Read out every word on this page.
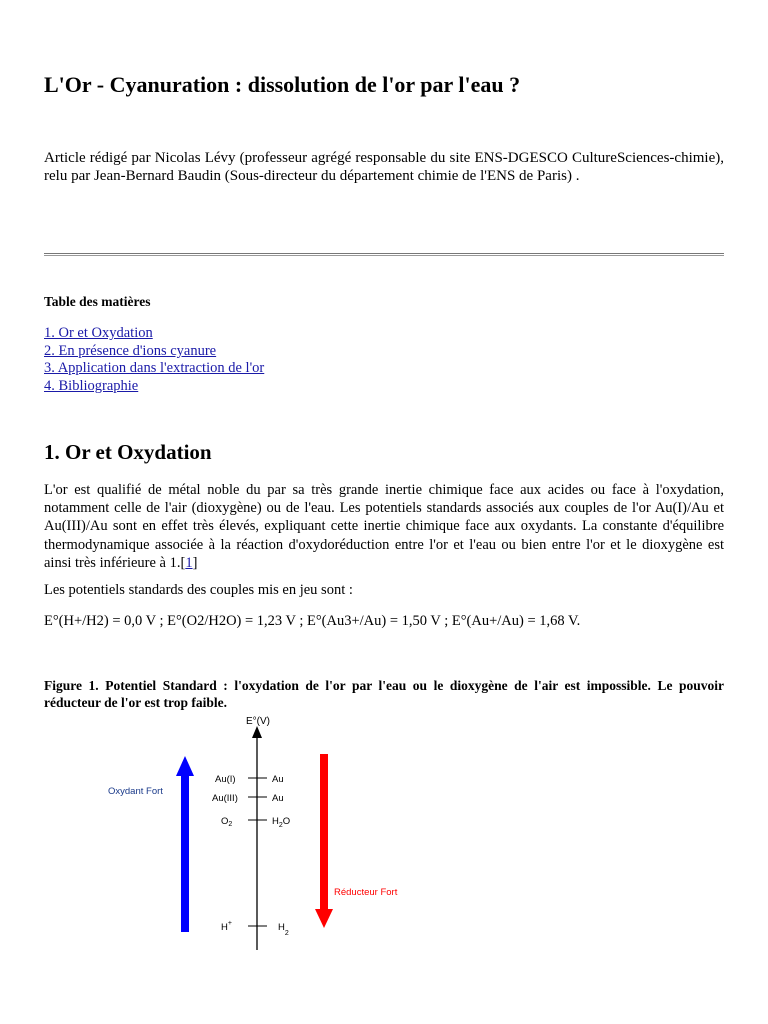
L'Or - Cyanuration : dissolution de l'or par l'eau ?

Article rédigé par Nicolas Lévy (professeur agrégé responsable du site ENS-DGESCO CultureSciences-chimie), relu par Jean-Bernard Baudin (Sous-directeur du département chimie de l'ENS de Paris) .

Table des matières

1. Or et Oxydation
2. En présence d'ions cyanure
3. Application dans l'extraction de l'or
4. Bibliographie
1. Or et Oxydation

L'or est qualifié de métal noble du par sa très grande inertie chimique face aux acides ou face à l'oxydation, notamment celle de l'air (dioxygène) ou de l'eau. Les potentiels standards associés aux couples de l'or Au(I)/Au et Au(III)/Au sont en effet très élevés, expliquant cette inertie chimique face aux oxydants. La constante d'équilibre thermodynamique associée à la réaction d'oxydoréduction entre l'or et l'eau ou bien entre l'or et le dioxygène est ainsi très inférieure à 1.[1]

Les potentiels standards des couples mis en jeu sont :

E°(H+/H2) = 0,0 V ; E°(O2/H2O) = 1,23 V ; E°(Au3+/Au) = 1,50 V ; E°(Au+/Au) = 1,68 V.

Figure 1. Potentiel Standard : l'oxydation de l'or par l'eau ou le dioxygène de l'air est impossible. Le pouvoir réducteur de l'or est trop faible.

E°(V)
Oxydant Fort
Réducteur Fort
Au(I)	Au
Au(III)	Au
$O_2$	$H_2O$
H+	$H_2$
